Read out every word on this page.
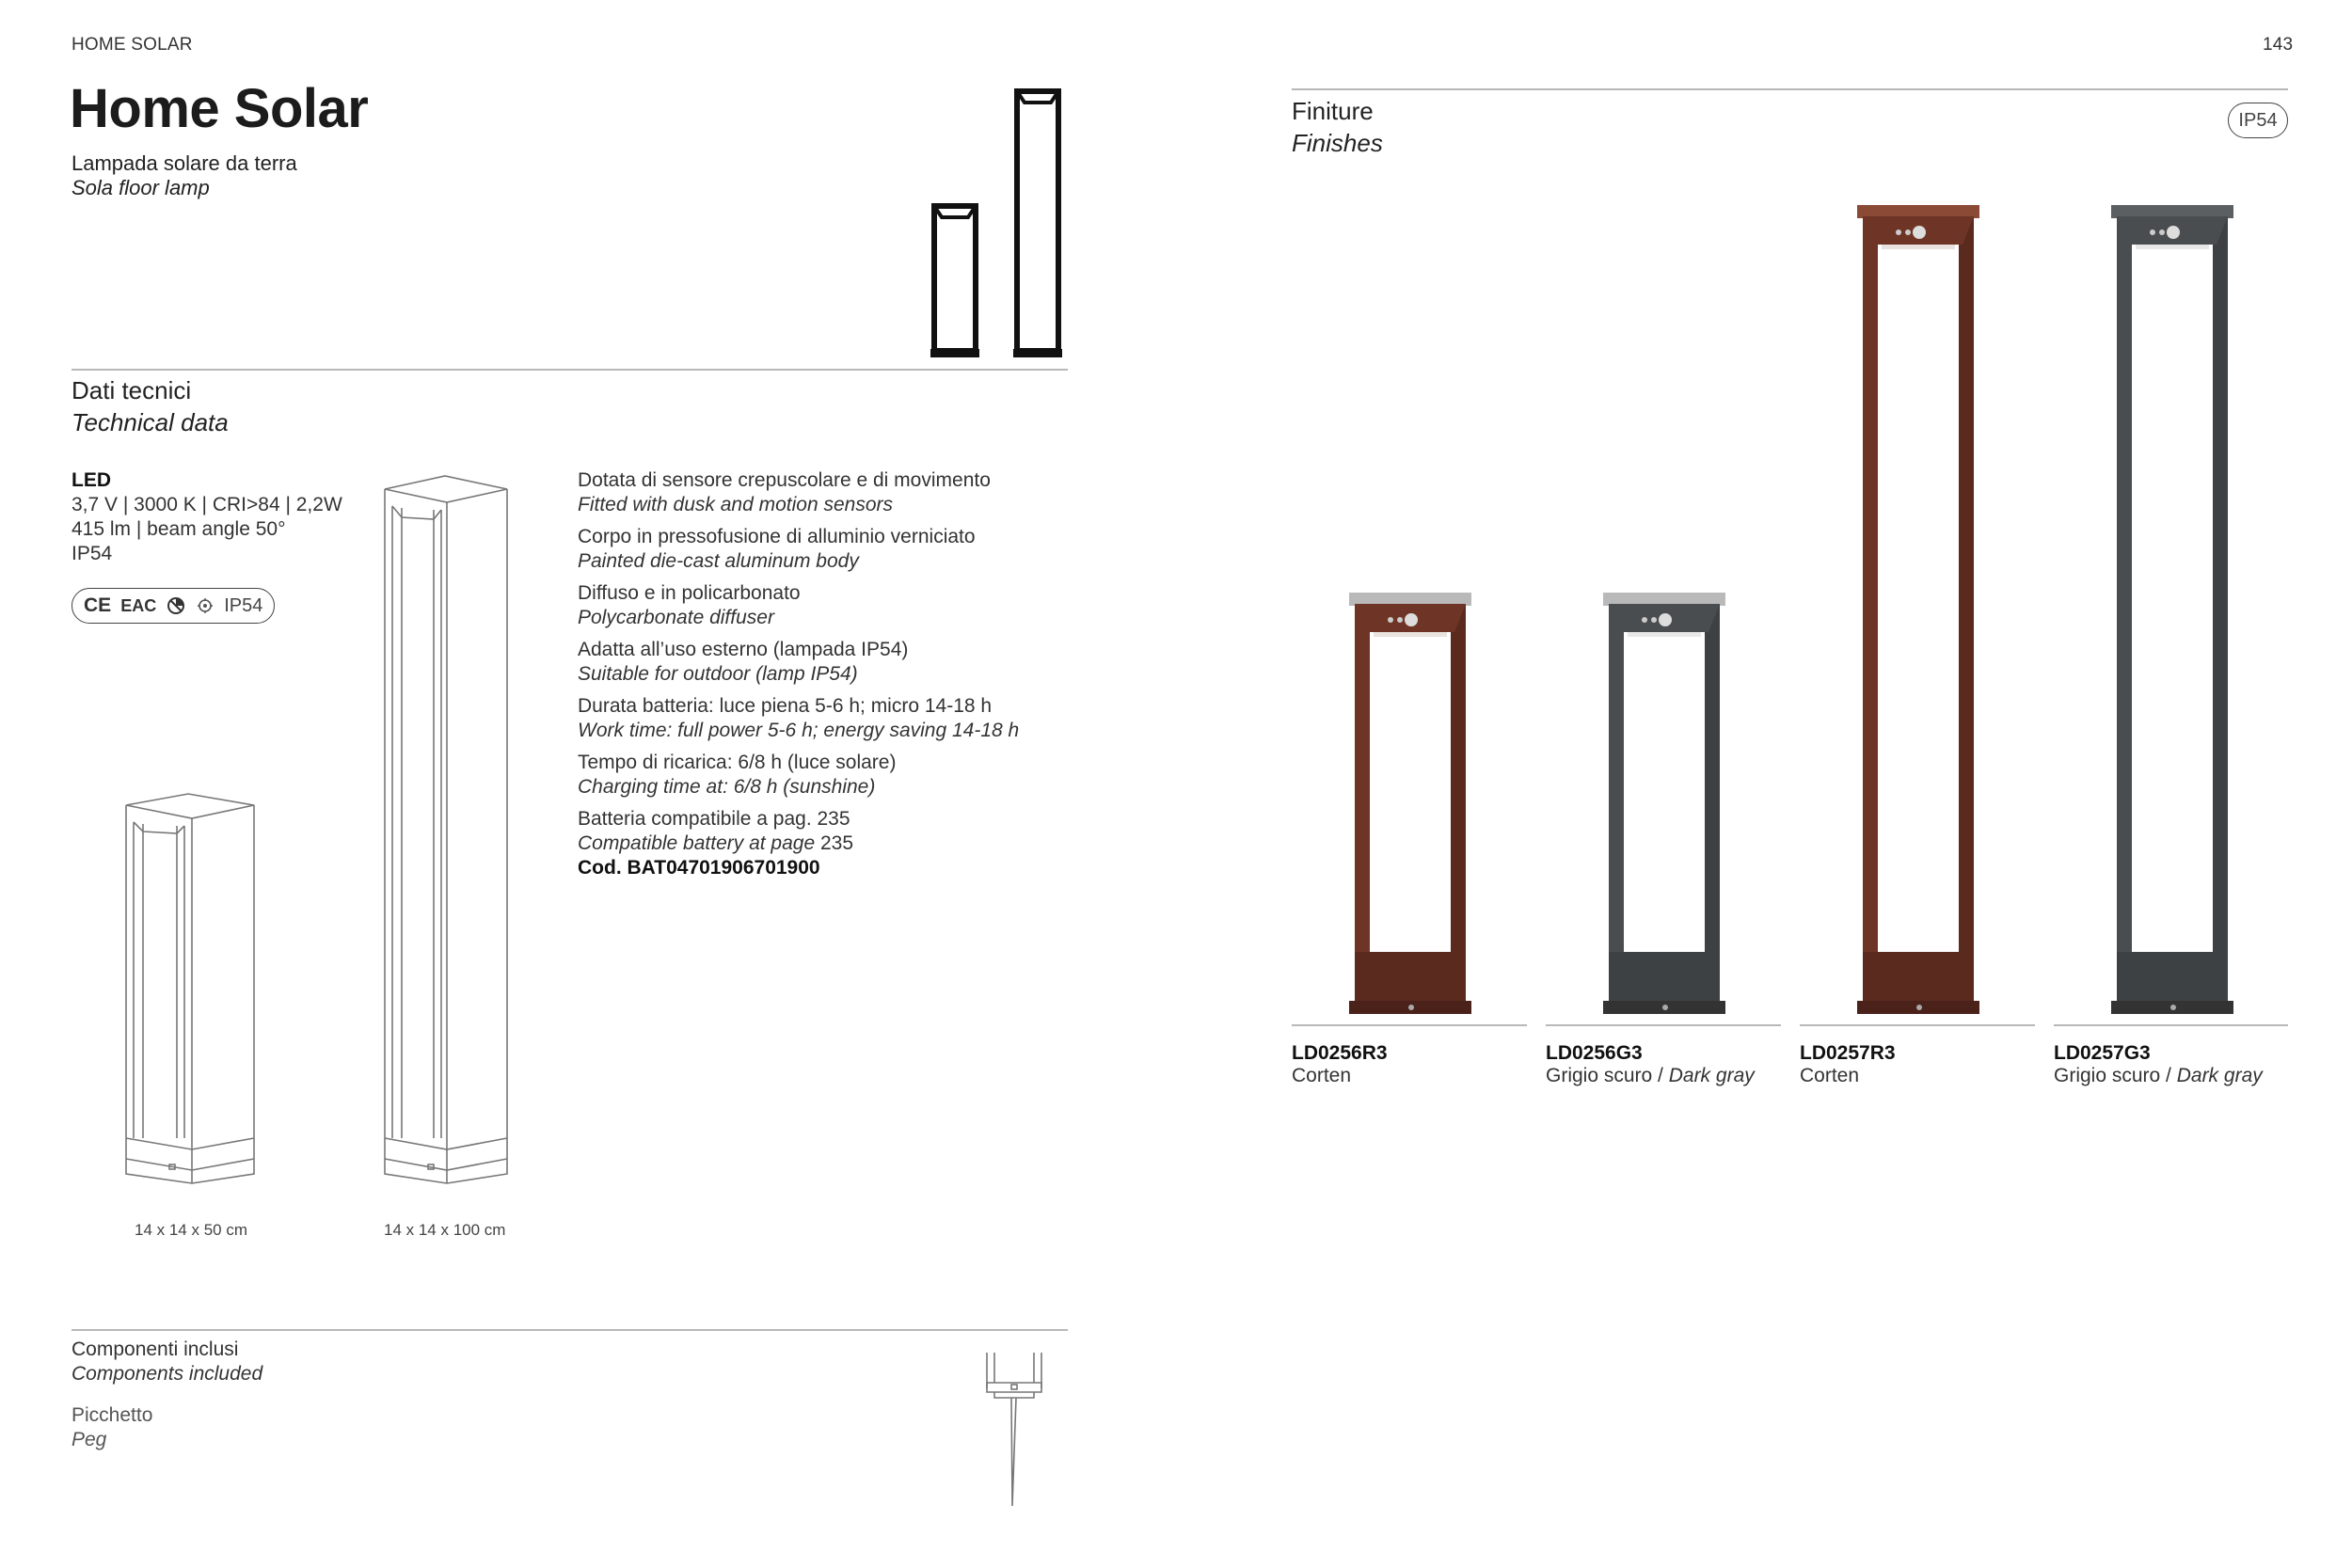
HOME SOLAR
Home Solar
Lampada solare da terra
Sola floor lamp
Dati tecnici
Technical data
LED
3,7 V | 3000 K | CRI>84 | 2,2W
415 lm | beam angle 50°
IP54
CE EAC	IP54
14 x 14 x 50 cm	14 x 14 x 100 cm
Dotata di sensore crepuscolare e di movimento
Fitted with dusk and motion sensors
Corpo in pressofusione di alluminio verniciato
Painted die-cast aluminum body
Diffuso e in policarbonato
Polycarbonate diffuser
Adatta all’uso esterno (lampada IP54)
Suitable for outdoor (lamp IP54)
Durata batteria: luce piena 5-6 h; micro 14-18 h
Work time: full power 5-6 h; energy saving 14-18 h
Tempo di ricarica: 6/8 h (luce solare)
Charging time at: 6/8 h (sunshine)
Batteria compatibile a pag. 235
Compatible battery at page 235
Cod. BAT04701906701900
Componenti inclusi
Components included
Picchetto
Peg
143
Finiture
Finishes
IP54
LD0256R3
Corten
LD0256G3
Grigio scuro / Dark gray
LD0257R3
Corten
LD0257G3
Grigio scuro / Dark gray
